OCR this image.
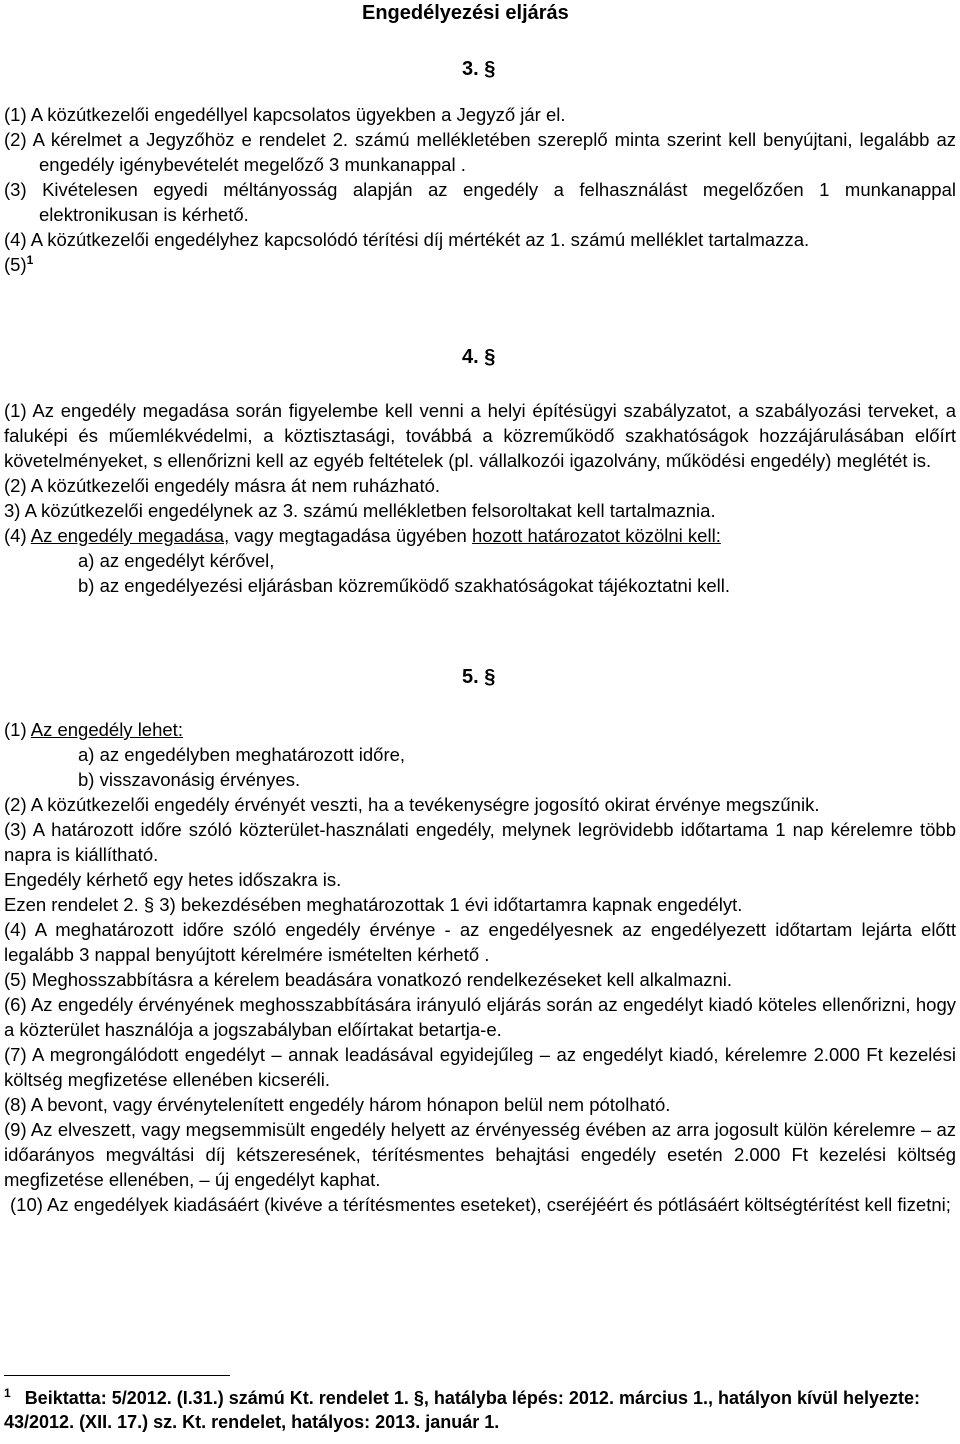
Engedélyezési eljárás
3. §

(1) A közútkezelői engedéllyel kapcsolatos ügyekben a Jegyző jár el.

(2) A kérelmet a Jegyzőhöz e rendelet 2. számú mellékletében szereplő minta szerint kell benyújtani, legalább az engedély igénybevételét megelőző 3 munkanappal .

(3) Kivételesen egyedi méltányosság alapján az engedély a felhasználást megelőzően 1 munkanappal elektronikusan is kérhető.

(4) A közútkezelői engedélyhez kapcsolódó térítési díj mértékét az 1. számú melléklet tartalmazza.

$(5)^1$

4. §

(1) Az engedély megadása során figyelembe kell venni a helyi építésügyi szabályzatot, a szabályozási terveket, a faluképi és műemlékvédelmi, a köztisztasági, továbbá a közreműködő szakhatóságok hozzájárulásában előírt követelményeket, s ellenőrizni kell az egyéb feltételek (pl. vállalkozói igazolvány, működési engedély) meglétét is.

(2) A közútkezelői engedély másra át nem ruházható.

3) A közútkezelői engedélynek az 3. számú mellékletben felsoroltakat kell tartalmaznia.

(4) Az engedély megadása, vagy megtagadása ügyében hozott határozatot közölni kell:

a) az engedélyt kérővel,

b) az engedélyezési eljárásban közreműködő szakhatóságokat tájékoztatni kell.

5. §

(1) Az engedély lehet:

a) az engedélyben meghatározott időre,

b) visszavonásig érvényes.

(2) A közútkezelői engedély érvényét veszti, ha a tevékenységre jogosító okirat érvénye megszűnik.

(3) A határozott időre szóló közterület-használati engedély, melynek legrövidebb időtartama 1 nap kérelemre több napra is kiállítható.

Engedély kérhető egy hetes időszakra is.

Ezen rendelet 2. § 3) bekezdésében meghatározottak 1 évi időtartamra kapnak engedélyt.

(4) A meghatározott időre szóló engedély érvénye - az engedélyesnek az engedélyezett időtartam lejárta előtt legalább 3 nappal benyújtott kérelmére ismételten kérhető .

(5) Meghosszabbításra a kérelem beadására vonatkozó rendelkezéseket kell alkalmazni.

(6) Az engedély érvényének meghosszabbítására irányuló eljárás során az engedélyt kiadó köteles ellenőrizni, hogy a közterület használója a jogszabályban előírtakat betartja-e.

(7) A megrongálódott engedélyt – annak leadásával egyidejűleg – az engedélyt kiadó, kérelemre 2.000 Ft kezelési költség megfizetése ellenében kicseréli.

(8) A bevont, vagy érvénytelenített engedély három hónapon belül nem pótolható.

(9) Az elveszett, vagy megsemmisült engedély helyett az érvényesség évében az arra jogosult külön kérelemre – az időarányos megváltási díj kétszeresének, térítésmentes behajtási engedély esetén 2.000 Ft kezelési költség megfizetése ellenében, – új engedélyt kaphat.

(10) Az engedélyek kiadásáért (kivéve a térítésmentes eseteket), cseréjéért és pótlásáért költségtérítést kell fizetni;

$^1$ Beiktatta: 5/2012. (I.31.) számú Kt. rendelet 1. §, hatályba lépés: 2012. március 1., hatályon kívül helyezte: 43/2012. (XII. 17.) sz. Kt. rendelet, hatályos: 2013. január 1.
